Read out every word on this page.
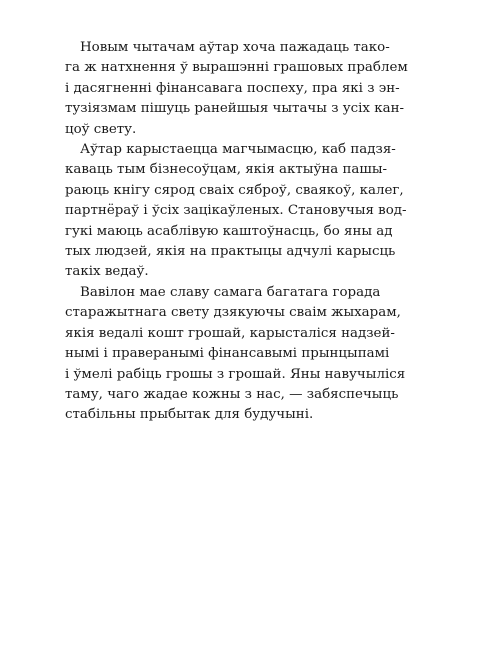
Новым чытачам аўтар хоча пажадаць тако-
га ж натхнення ў вырашэнні грашовых праблем
і дасягненні фінансавага поспеху, пра які з эн-
тузіязмам пішуць ранейшыя чытачы з усіх кан-
цоў свету.

Аўтар карыстаецца магчымасцю, каб падзя-
каваць тым бізнесоўцам, якія актыўна пашы-
раюць кнігу сярод сваіх сяброў, сваякоў, калег,
партнёраў і ўсіх зацікаўленых. Становучыя вод-
гукі маюць асаблівую каштоўнасць, бо яны ад
тых людзей, якія на практыцы адчулі карысць
такіх ведаў.

Вавілон мае славу самага багатага горада
старажытнага свету дзякуючы сваім жыхарам,
якія ведалі кошт грошай, карысталіся надзей-
нымі і праверанымі фінансавымі прынцыпамі
і ўмелі рабіць грошы з грошай. Яны навучыліся
таму, чаго жадае кожны з нас, — забяспечыць
стабільны прыбытак для будучыні.
